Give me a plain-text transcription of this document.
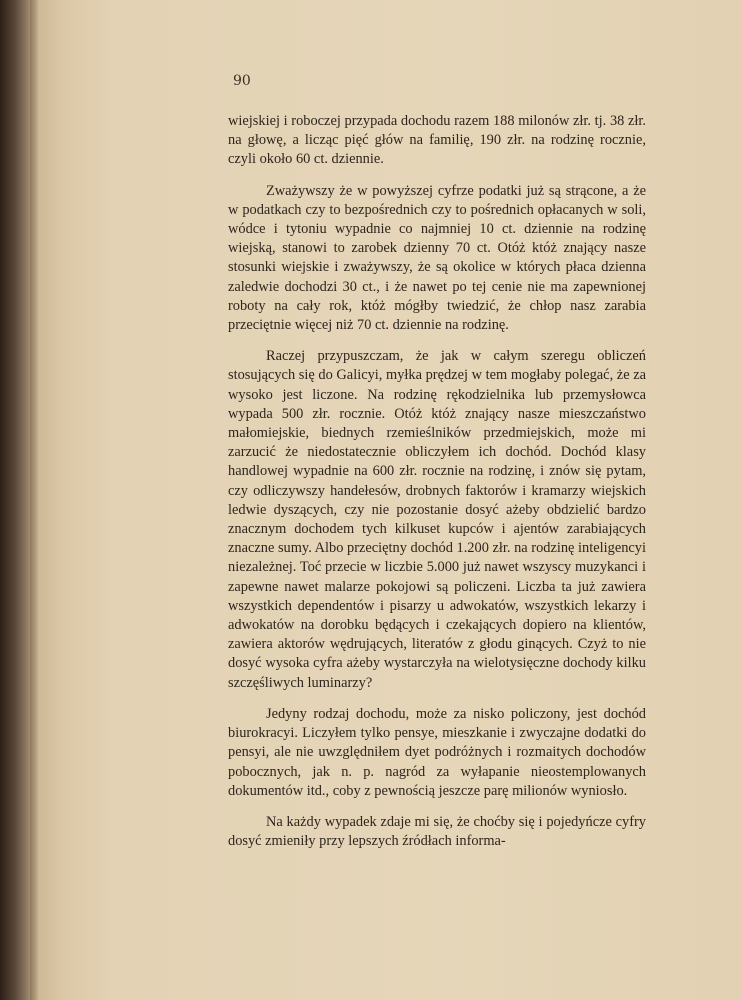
90

wiejskiej i roboczej przypada dochodu razem 188 milonów złr. tj. 38 złr. na głowę, a licząc pięć głów na familię, 190 złr. na rodzinę rocznie, czyli około 60 ct. dziennie.

Zważywszy że w powyższej cyfrze podatki już są strącone, a że w podatkach czy to bezpośrednich czy to pośrednich opłacanych w soli, wódce i tytoniu wypadnie co najmniej 10 ct. dziennie na rodzinę wiejską, stanowi to zarobek dzienny 70 ct. Otóż któż znający nasze stosunki wiejskie i zważywszy, że są okolice w których płaca dzienna zaledwie dochodzi 30 ct., i że nawet po tej cenie nie ma zapewnionej roboty na cały rok, któż mógłby twiedzić, że chłop nasz zarabia przeciętnie więcej niż 70 ct. dziennie na rodzinę.

Raczej przypuszczam, że jak w całym szeregu obliczeń stosujących się do Galicyi, myłka prędzej w tem mogłaby polegać, że za wysoko jest liczone. Na rodzinę rękodzielnika lub przemysłowca wypada 500 złr. rocznie. Otóż któż znający nasze mieszczaństwo małomiejskie, biednych rzemieślników przedmiejskich, może mi zarzucić że niedostatecznie obliczyłem ich dochód. Dochód klasy handlowej wypadnie na 600 złr. rocznie na rodzinę, i znów się pytam, czy odliczywszy handełesów, drobnych faktorów i kramarzy wiejskich ledwie dyszących, czy nie pozostanie dosyć ażeby obdzielić bardzo znacznym dochodem tych kilkuset kupców i ajentów zarabiających znaczne sumy. Albo przeciętny dochód 1.200 złr. na rodzinę inteligencyi niezależnej. Toć przecie w liczbie 5.000 już nawet wszyscy muzykanci i zapewne nawet malarze pokojowi są policzeni. Liczba ta już zawiera wszystkich dependentów i pisarzy u adwokatów, wszystkich lekarzy i adwokatów na dorobku będących i czekających dopiero na klientów, zawiera aktorów wędrujących, literatów z głodu ginących. Czyż to nie dosyć wysoka cyfra ażeby wystarczyła na wielotysięczne dochody kilku szczęśliwych luminarzy?

Jedyny rodzaj dochodu, może za nisko policzony, jest dochód biurokracyi. Liczyłem tylko pensye, mieszkanie i zwyczajne dodatki do pensyi, ale nie uwzględniłem dyet podróżnych i rozmaitych dochodów pobocznych, jak n. p. nagród za wyłapanie nieostemplowanych dokumentów itd., coby z pewnością jeszcze parę milionów wyniosło.

Na każdy wypadek zdaje mi się, że choćby się i pojedyńcze cyfry dosyć zmieniły przy lepszych źródłach informa-
